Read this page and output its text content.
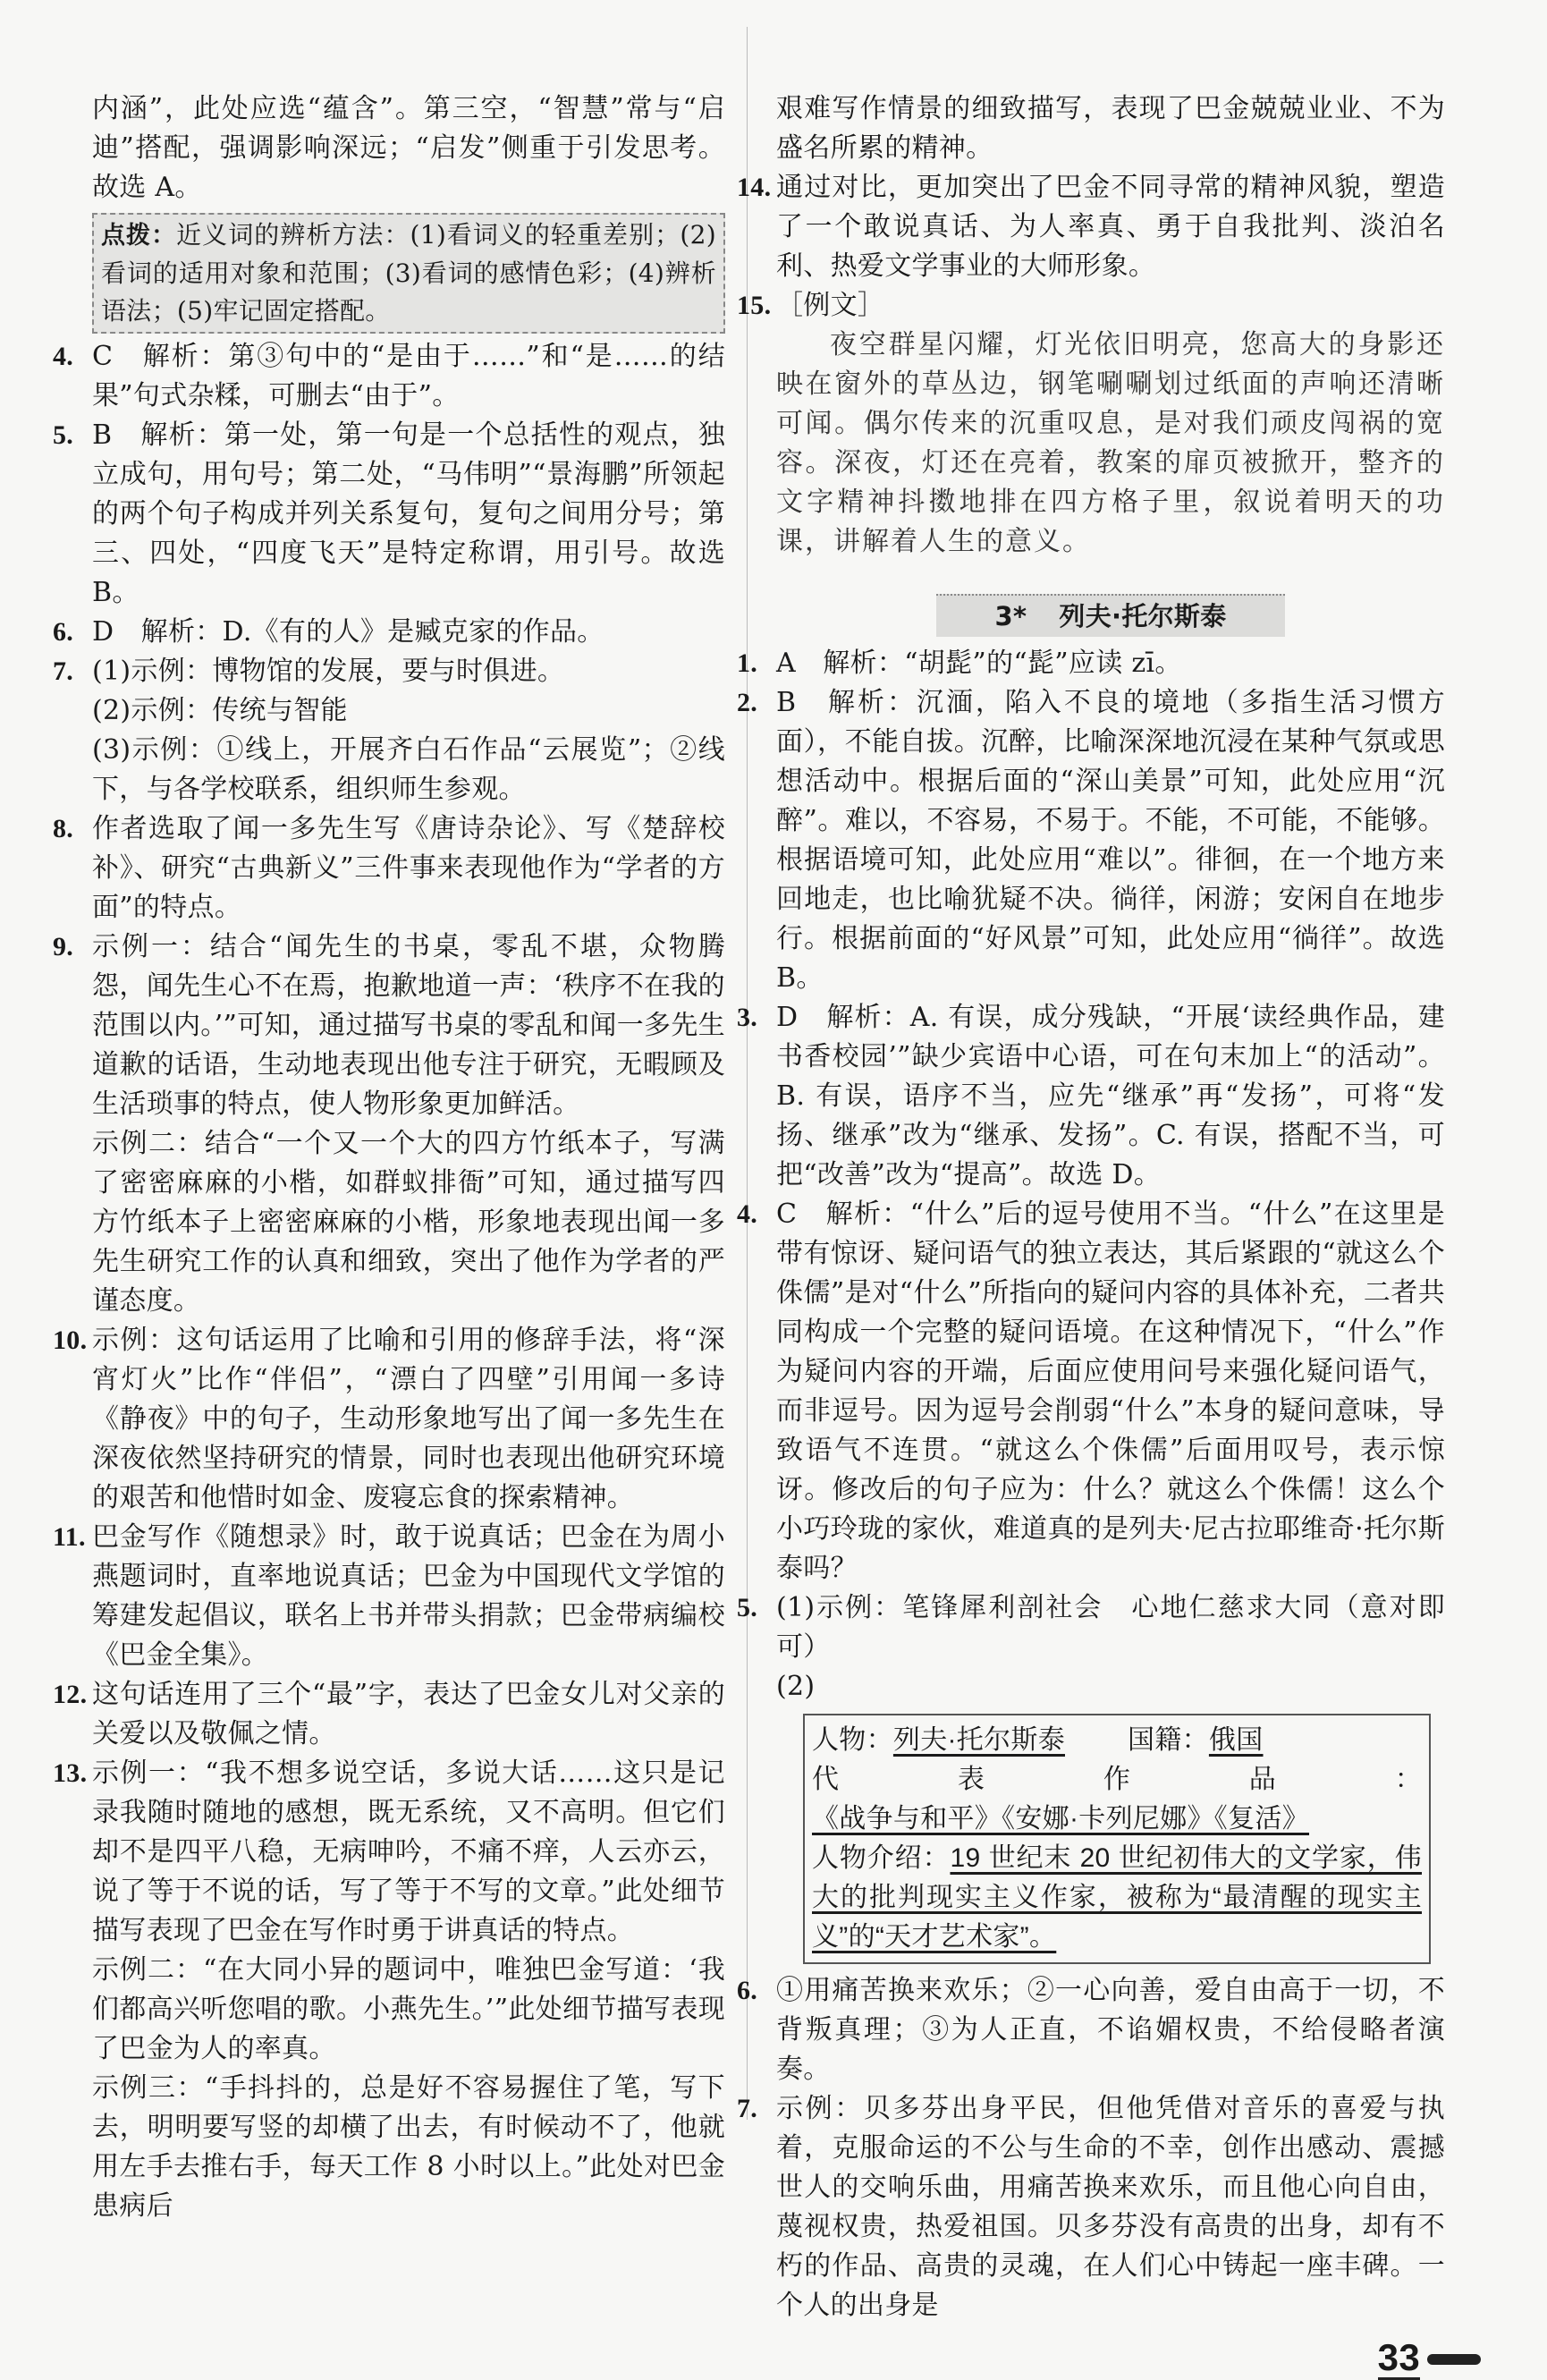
内涵”，此处应选“蕴含”。第三空，“智慧”常与“启迪”搭配，强调影响深远；“启发”侧重于引发思考。故选 A。

点拨：近义词的辨析方法：(1)看词义的轻重差别；(2)看词的适用对象和范围；(3)看词的感情色彩；(4)辨析语法；(5)牢记固定搭配。
4. C　解析：第③句中的“是由于……”和“是……的结果”句式杂糅，可删去“由于”。

5. B　解析：第一处，第一句是一个总括性的观点，独立成句，用句号；第二处，“马伟明”“景海鹏”所领起的两个句子构成并列关系复句，复句之间用分号；第三、四处，“四度飞天”是特定称谓，用引号。故选 B。

6. D　解析：D.《有的人》是臧克家的作品。

7. (1)示例：博物馆的发展，要与时俱进。

(2)示例：传统与智能

(3)示例：①线上，开展齐白石作品“云展览”；②线下，与各学校联系，组织师生参观。

8. 作者选取了闻一多先生写《唐诗杂论》、写《楚辞校补》、研究“古典新义”三件事来表现他作为“学者的方面”的特点。

9. 示例一：结合“闻先生的书桌，零乱不堪，众物腾怨，闻先生心不在焉，抱歉地道一声：‘秩序不在我的范围以内。’”可知，通过描写书桌的零乱和闻一多先生道歉的话语，生动地表现出他专注于研究，无暇顾及生活琐事的特点，使人物形象更加鲜活。

示例二：结合“一个又一个大的四方竹纸本子，写满了密密麻麻的小楷，如群蚁排衙”可知，通过描写四方竹纸本子上密密麻麻的小楷，形象地表现出闻一多先生研究工作的认真和细致，突出了他作为学者的严谨态度。

10. 示例：这句话运用了比喻和引用的修辞手法，将“深宵灯火”比作“伴侣”，“漂白了四壁”引用闻一多诗《静夜》中的句子，生动形象地写出了闻一多先生在深夜依然坚持研究的情景，同时也表现出他研究环境的艰苦和他惜时如金、废寝忘食的探索精神。

11. 巴金写作《随想录》时，敢于说真话；巴金在为周小燕题词时，直率地说真话；巴金为中国现代文学馆的筹建发起倡议，联名上书并带头捐款；巴金带病编校《巴金全集》。

12. 这句话连用了三个“最”字，表达了巴金女儿对父亲的关爱以及敬佩之情。

13. 示例一：“我不想多说空话，多说大话……这只是记录我随时随地的感想，既无系统，又不高明。但它们却不是四平八稳，无病呻吟，不痛不痒，人云亦云，说了等于不说的话，写了等于不写的文章。”此处细节描写表现了巴金在写作时勇于讲真话的特点。

示例二：“在大同小异的题词中，唯独巴金写道：‘我们都高兴听您唱的歌。小燕先生。’”此处细节描写表现了巴金为人的率真。

示例三：“手抖抖的，总是好不容易握住了笔，写下去，明明要写竖的却横了出去，有时候动不了，他就用左手去推右手，每天工作 8 小时以上。”此处对巴金患病后

艰难写作情景的细致描写，表现了巴金兢兢业业、不为盛名所累的精神。

14. 通过对比，更加突出了巴金不同寻常的精神风貌，塑造了一个敢说真话、为人率真、勇于自我批判、淡泊名利、热爱文学事业的大师形象。

15. ［例文］

夜空群星闪耀，灯光依旧明亮，您高大的身影还映在窗外的草丛边，钢笔唰唰划过纸面的声响还清晰可闻。偶尔传来的沉重叹息，是对我们顽皮闯祸的宽容。深夜，灯还在亮着，教案的扉页被掀开，整齐的文字精神抖擞地排在四方格子里，叙说着明天的功课，讲解着人生的意义。

3* 列夫·托尔斯泰
1. A　解析：“胡髭”的“髭”应读 zī。

2. B　解析：沉湎，陷入不良的境地（多指生活习惯方面），不能自拔。沉醉，比喻深深地沉浸在某种气氛或思想活动中。根据后面的“深山美景”可知，此处应用“沉醉”。难以，不容易，不易于。不能，不可能，不能够。根据语境可知，此处应用“难以”。徘徊，在一个地方来回地走，也比喻犹疑不决。徜徉，闲游；安闲自在地步行。根据前面的“好风景”可知，此处应用“徜徉”。故选 B。

3. D　解析：A. 有误，成分残缺，“开展‘读经典作品，建书香校园’”缺少宾语中心语，可在句末加上“的活动”。B. 有误，语序不当，应先“继承”再“发扬”，可将“发扬、继承”改为“继承、发扬”。C. 有误，搭配不当，可把“改善”改为“提高”。故选 D。

4. C　解析：“什么”后的逗号使用不当。“什么”在这里是带有惊讶、疑问语气的独立表达，其后紧跟的“就这么个侏儒”是对“什么”所指向的疑问内容的具体补充，二者共同构成一个完整的疑问语境。在这种情况下，“什么”作为疑问内容的开端，后面应使用问号来强化疑问语气，而非逗号。因为逗号会削弱“什么”本身的疑问意味，导致语气不连贯。“就这么个侏儒”后面用叹号，表示惊讶。修改后的句子应为：什么？就这么个侏儒！这么个小巧玲珑的家伙，难道真的是列夫·尼古拉耶维奇·托尔斯泰吗？

5. (1)示例：笔锋犀利剖社会　心地仁慈求大同（意对即可）

(2)

人物：列夫·托尔斯泰 国籍：俄国

代表作品：《战争与和平》《安娜·卡列尼娜》《复活》

人物介绍：19 世纪末 20 世纪初伟大的文学家，伟大的批判现实主义作家，被称为“最清醒的现实主义”的“天才艺术家”。

6. ①用痛苦换来欢乐；②一心向善，爱自由高于一切，不背叛真理；③为人正直，不谄媚权贵，不给侵略者演奏。

7. 示例：贝多芬出身平民，但他凭借对音乐的喜爱与执着，克服命运的不公与生命的不幸，创作出感动、震撼世人的交响乐曲，用痛苦换来欢乐，而且他心向自由，蔑视权贵，热爱祖国。贝多芬没有高贵的出身，却有不朽的作品、高贵的灵魂，在人们心中铸起一座丰碑。一个人的出身是

33
